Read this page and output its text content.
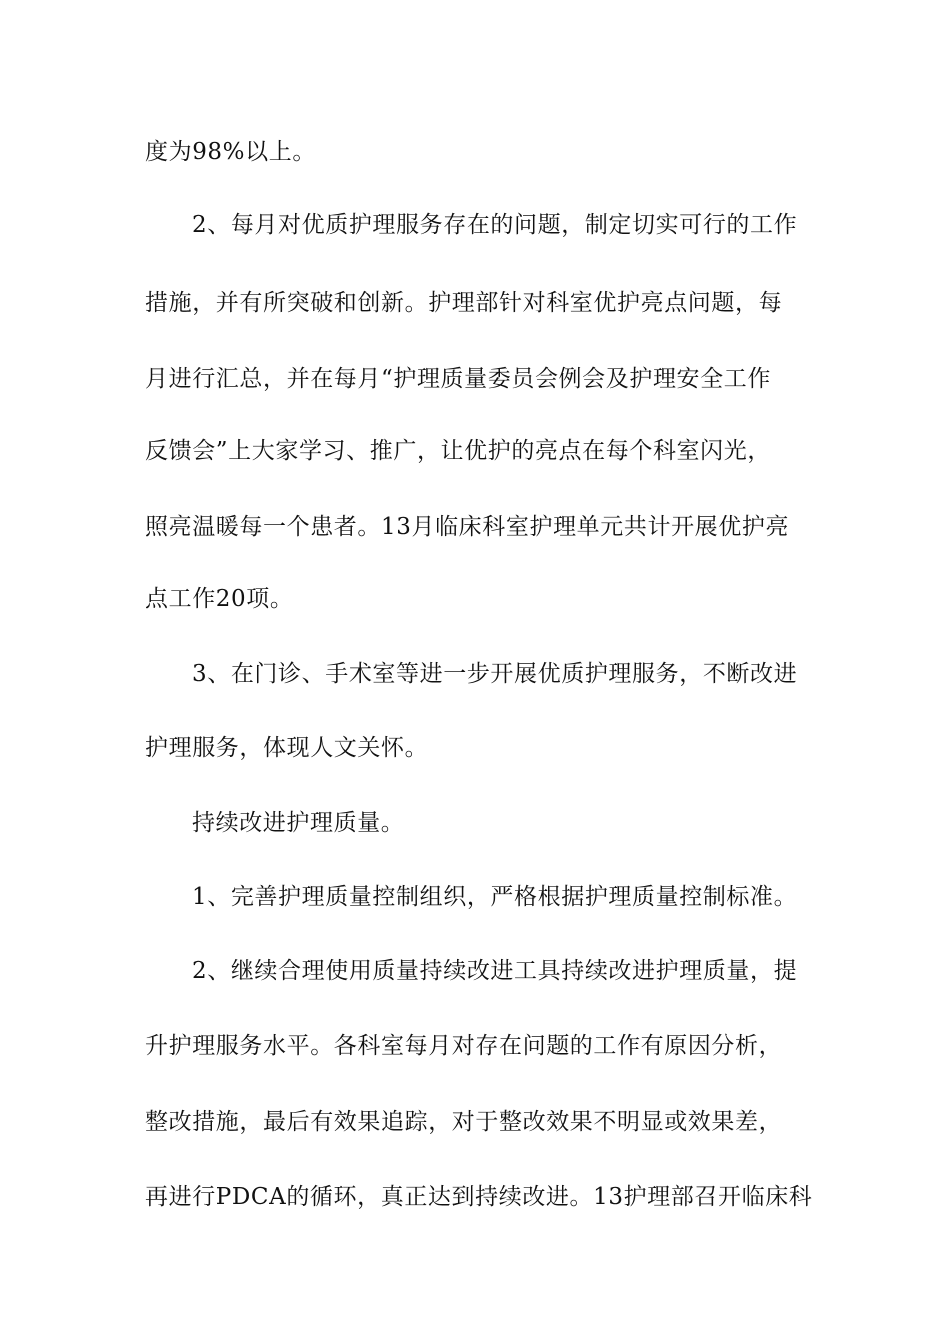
度为98%以上。
2、每月对优质护理服务存在的问题，制定切实可行的工作
措施，并有所突破和创新。护理部针对科室优护亮点问题，每
月进行汇总，并在每月“护理质量委员会例会及护理安全工作
反馈会”上大家学习、推广，让优护的亮点在每个科室闪光，
照亮温暖每一个患者。13月临床科室护理单元共计开展优护亮
点工作20项。
3、在门诊、手术室等进一步开展优质护理服务，不断改进
护理服务，体现人文关怀。
持续改进护理质量。
1、完善护理质量控制组织，严格根据护理质量控制标准。
2、继续合理使用质量持续改进工具持续改进护理质量，提
升护理服务水平。各科室每月对存在问题的工作有原因分析，
整改措施，最后有效果追踪，对于整改效果不明显或效果差，
再进行PDCA的循环，真正达到持续改进。13护理部召开临床科
